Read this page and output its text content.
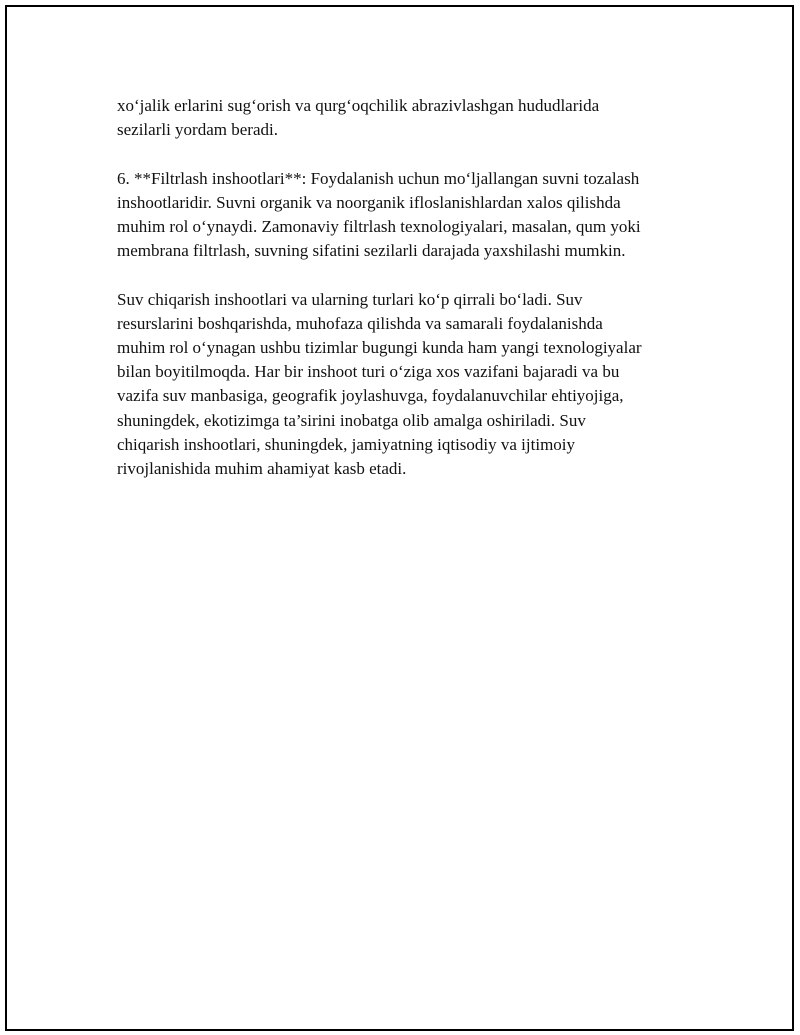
xo‘jalik erlarini sug‘orish va qurg‘oqchilik abrazivlashgan hududlarida
sezilarli yordam beradi.

6. **Filtrlash inshootlari**: Foydalanish uchun mo‘ljallangan suvni tozalash
inshootlaridir. Suvni organik va noorganik ifloslanishlardan xalos qilishda
muhim rol o‘ynaydi. Zamonaviy filtrlash texnologiyalari, masalan, qum yoki
membrana filtrlash, suvning sifatini sezilarli darajada yaxshilashi mumkin.

Suv chiqarish inshootlari va ularning turlari ko‘p qirrali bo‘ladi. Suv
resurslarini boshqarishda, muhofaza qilishda va samarali foydalanishda
muhim rol o‘ynagan ushbu tizimlar bugungi kunda ham yangi texnologiyalar
bilan boyitilmoqda. Har bir inshoot turi o‘ziga xos vazifani bajaradi va bu
vazifa suv manbasiga, geografik joylashuvga, foydalanuvchilar ehtiyojiga,
shuningdek, ekotizimga ta’sirini inobatga olib amalga oshiriladi. Suv
chiqarish inshootlari, shuningdek, jamiyatning iqtisodiy va ijtimoiy
rivojlanishida muhim ahamiyat kasb etadi.
